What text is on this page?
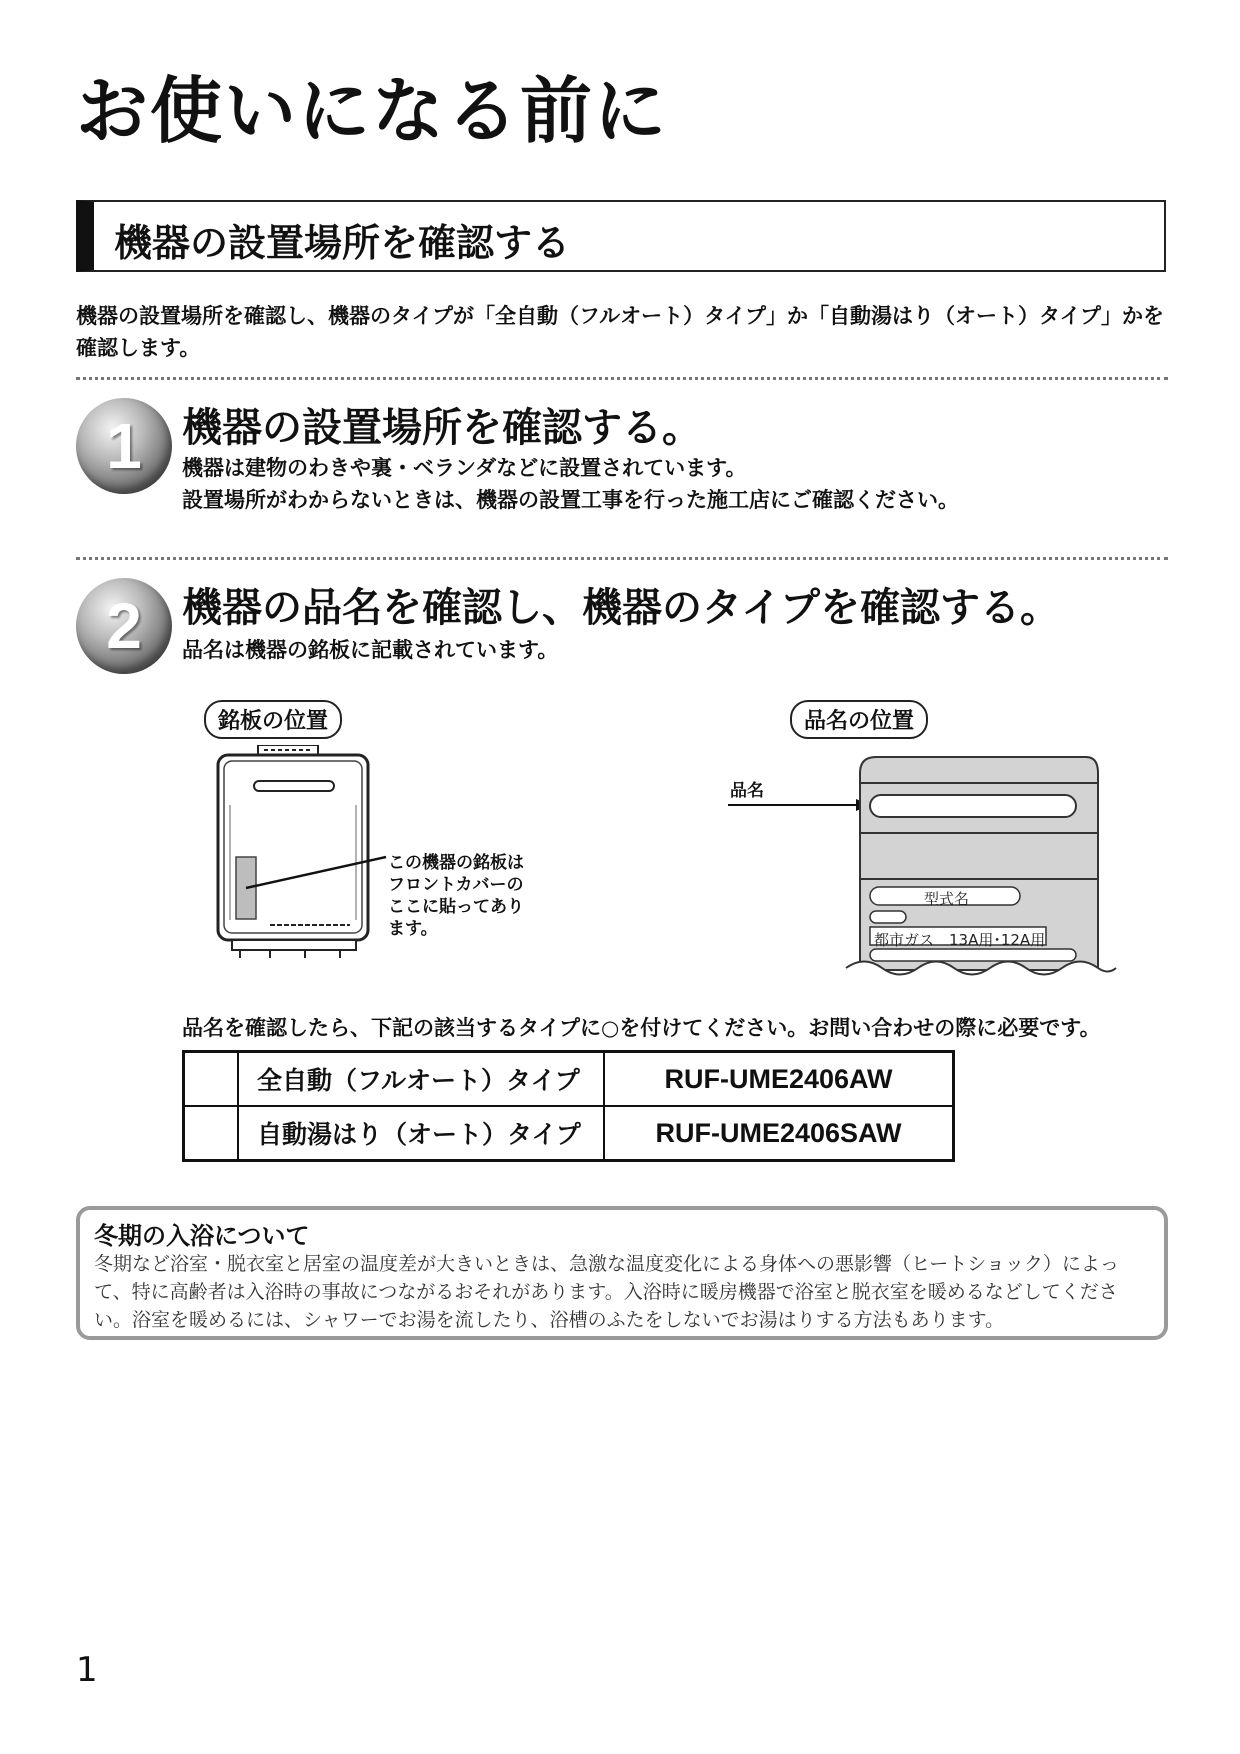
お使いになる前に
機器の設置場所を確認する
機器の設置場所を確認し、機器のタイプが「全自動（フルオート）タイプ」か「自動湯はり（オート）タイプ」かを確認します。
1	機器の設置場所を確認する。
機器は建物のわきや裏・ベランダなどに設置されています。
設置場所がわからないときは、機器の設置工事を行った施工店にご確認ください。
2	機器の品名を確認し、機器のタイプを確認する。
品名は機器の銘板に記載されています。
銘板の位置
この機器の銘板は
フロントカバーの
ここに貼ってあり
ます。
品名の位置
品名
型式名
都市ガス　13A用･12A用
品名を確認したら、下記の該当するタイプに○を付けてください。お問い合わせの際に必要です。
	全自動（フルオート）タイプ	RUF-UME2406AW
	自動湯はり（オート）タイプ	RUF-UME2406SAW
冬期の入浴について
冬期など浴室・脱衣室と居室の温度差が大きいときは、急激な温度変化による身体への悪影響（ヒートショック）によって、特に高齢者は入浴時の事故につながるおそれがあります。入浴時に暖房機器で浴室と脱衣室を暖めるなどしてください。浴室を暖めるには、シャワーでお湯を流したり、浴槽のふたをしないでお湯はりする方法もあります。
1
